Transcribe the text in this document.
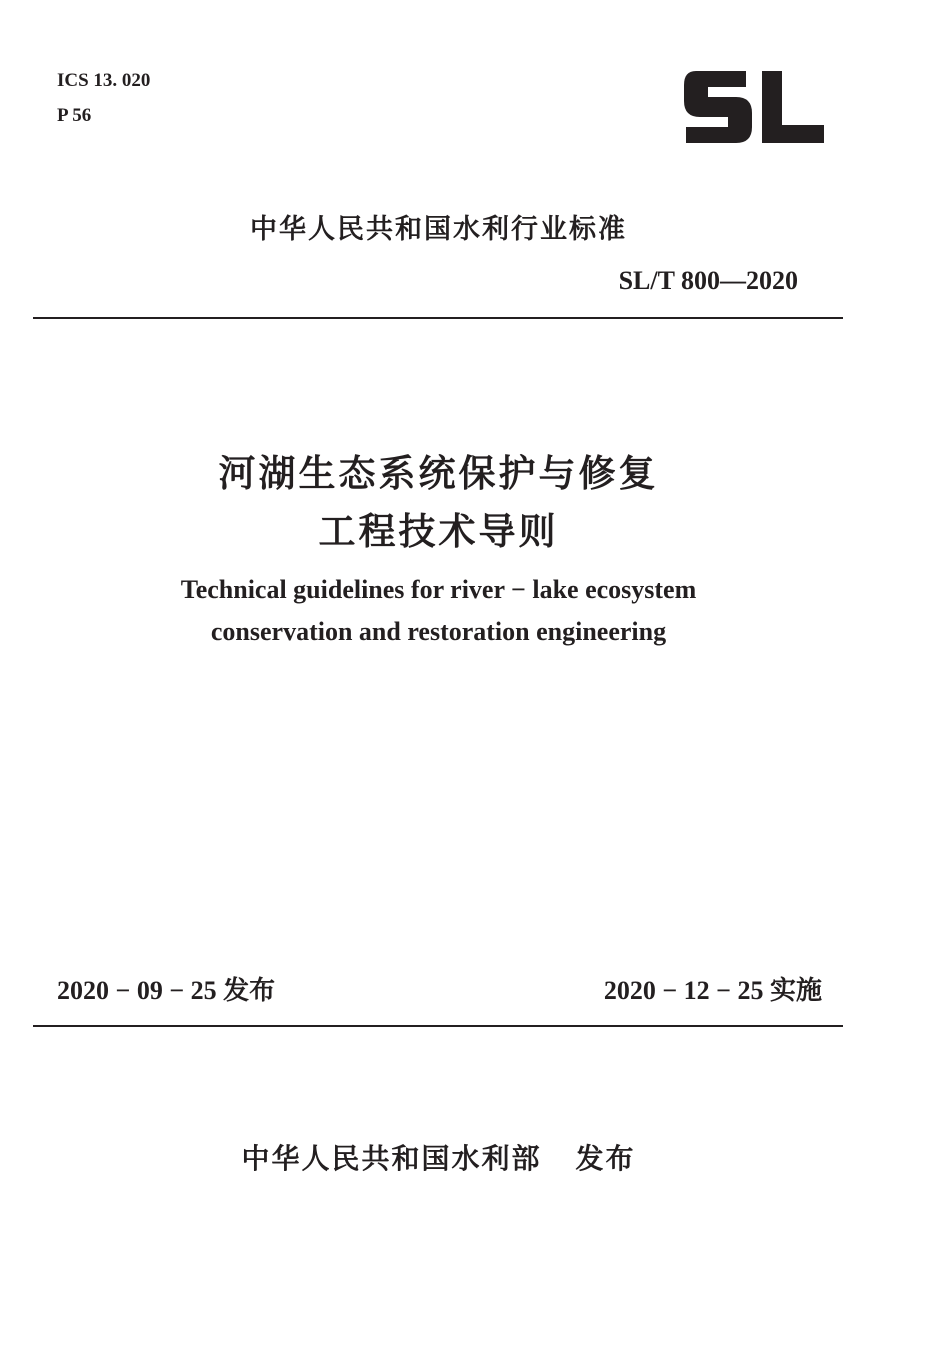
ICS 13. 020
P 56
中华人民共和国水利行业标准
SL/T 800—2020
河湖生态系统保护与修复
工程技术导则
Technical guidelines for river − lake ecosystem
conservation and restoration engineering
2020 − 09 − 25 发布	2020 − 12 − 25 实施
中华人民共和国水利部 发布
